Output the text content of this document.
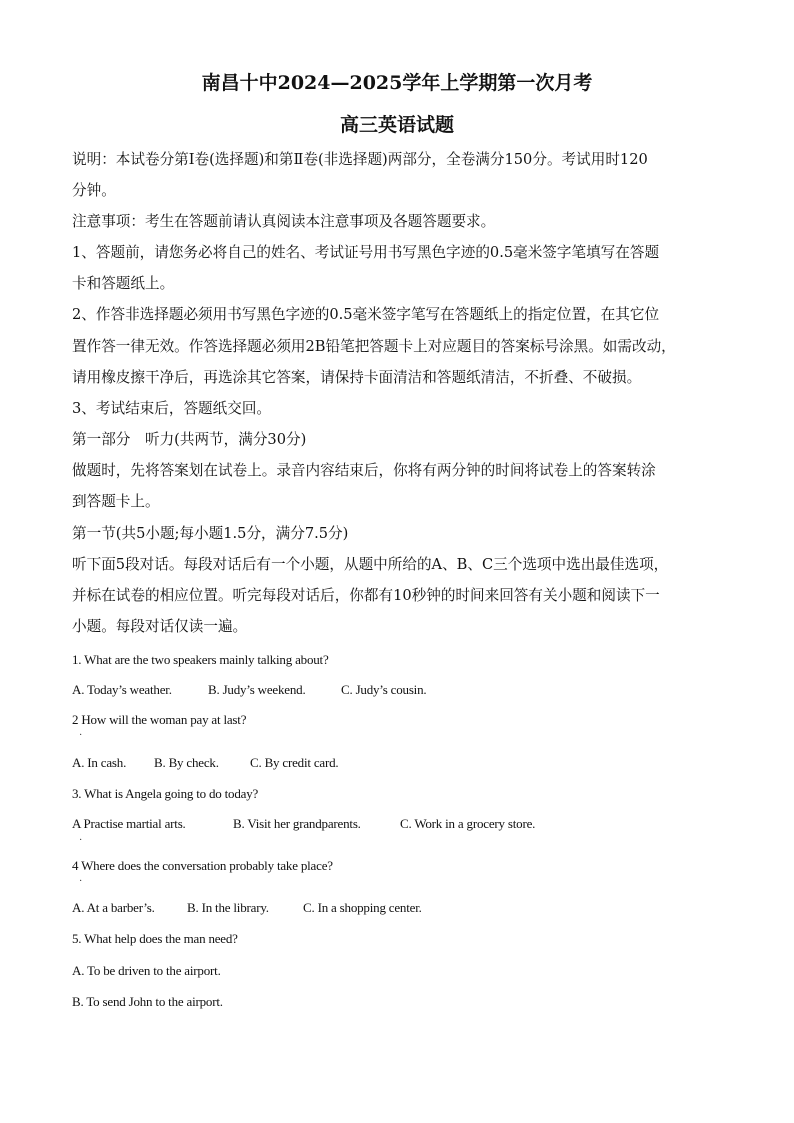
南昌十中2024—2025学年上学期第一次月考
高三英语试题
说明：本试卷分第Ⅰ卷(选择题)和第Ⅱ卷(非选择题)两部分，全卷满分150分。考试用时120
分钟。
注意事项：考生在答题前请认真阅读本注意事项及各题答题要求。
1、答题前，请您务必将自己的姓名、考试证号用书写黑色字迹的0.5毫米签字笔填写在答题
卡和答题纸上。
2、作答非选择题必须用书写黑色字迹的0.5毫米签字笔写在答题纸上的指定位置，在其它位
置作答一律无效。作答选择题必须用2B铅笔把答题卡上对应题目的答案标号涂黑。如需改动，
请用橡皮擦干净后，再选涂其它答案，请保持卡面清洁和答题纸清洁，不折叠、不破损。
3、考试结束后，答题纸交回。
第一部分　听力(共两节，满分30分)
做题时，先将答案划在试卷上。录音内容结束后，你将有两分钟的时间将试卷上的答案转涂
到答题卡上。
第一节(共5小题;每小题1.5分，满分7.5分)
听下面5段对话。每段对话后有一个小题，从题中所给的A、B、C三个选项中选出最佳选项，
并标在试卷的相应位置。听完每段对话后，你都有10秒钟的时间来回答有关小题和阅读下一
小题。每段对话仅读一遍。
1. What are the two speakers mainly talking about?
A. Today’s weather.	B. Judy’s weekend.	C. Judy’s cousin.
2 How will the woman pay at last?
·
A. In cash. B. By check. C. By credit card.
3. What is Angela going to do today?
A Practise martial arts.	B. Visit her grandparents.	C. Work in a grocery store.
·
4 Where does the conversation probably take place?
·
A. At a barber’s. B. In the library.	C. In a shopping center.
5. What help does the man need?
A. To be driven to the airport.
B. To send John to the airport.
